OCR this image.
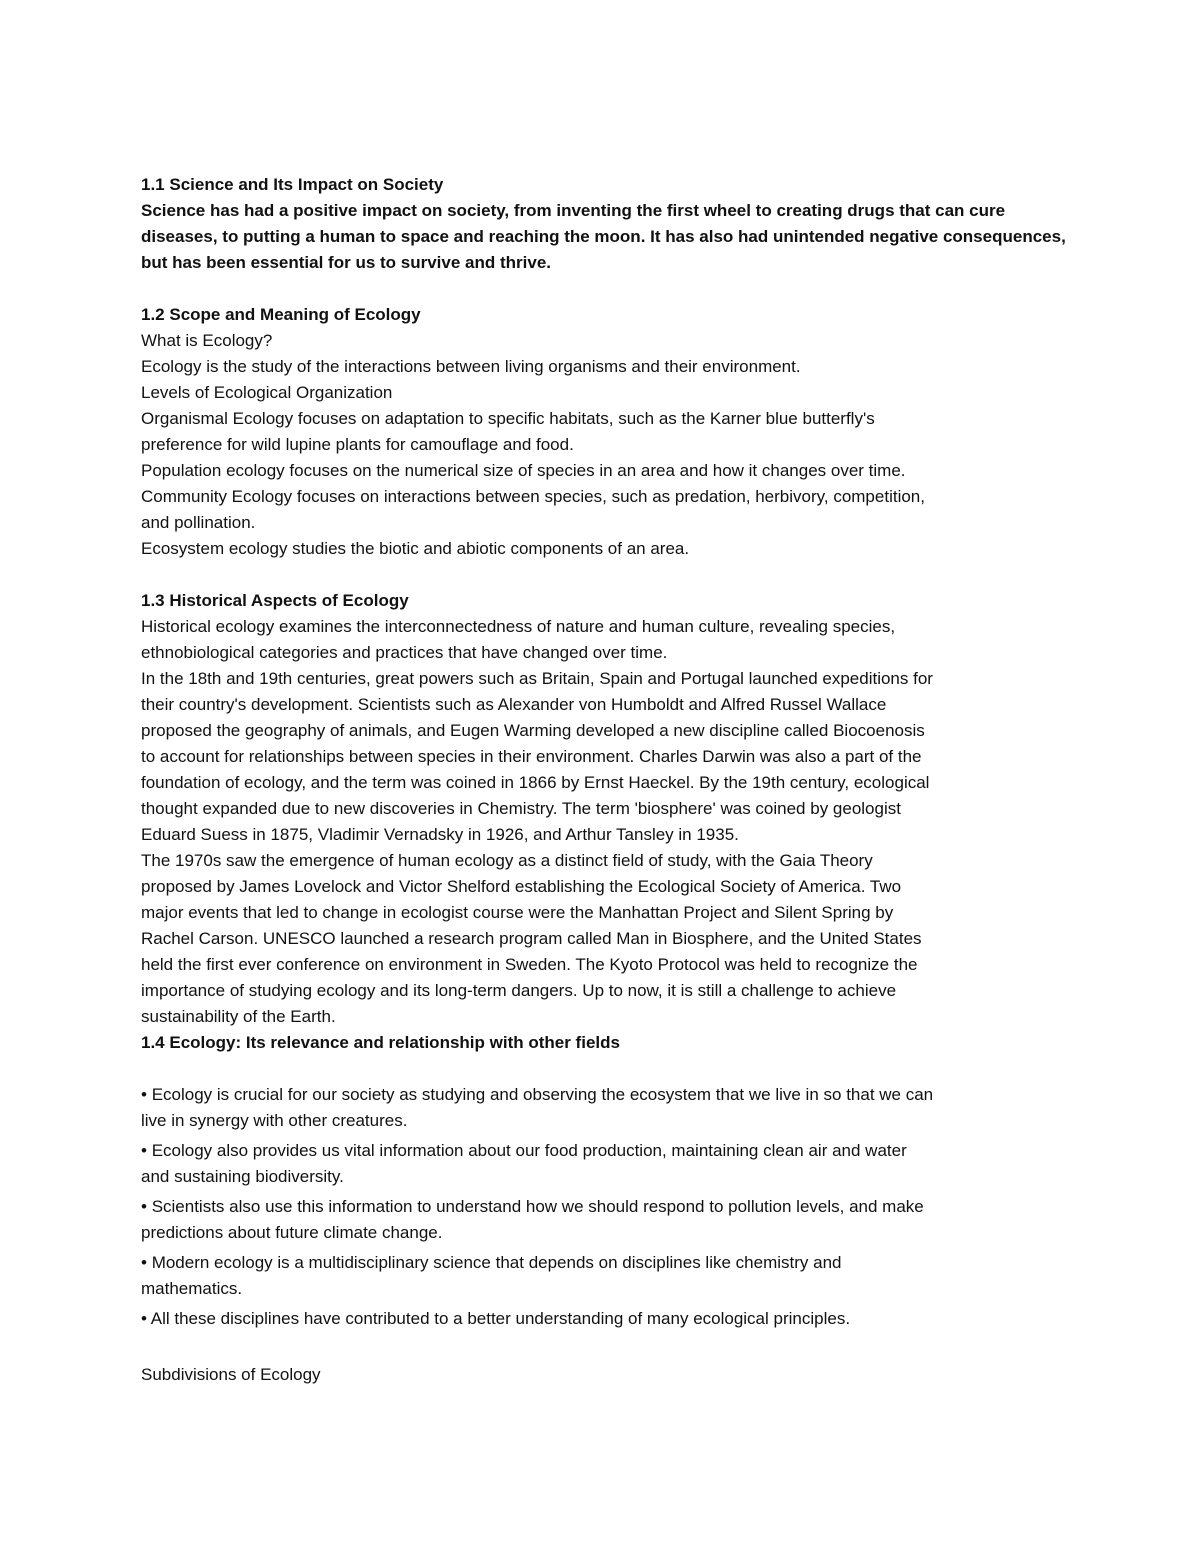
1.1 Science and Its Impact on Society

Science has had a positive impact on society, from inventing the first wheel to creating drugs that can cure

diseases, to putting a human to space and reaching the moon. It has also had unintended negative consequences,

but has been essential for us to survive and thrive.

1.2 Scope and Meaning of Ecology

What is Ecology?

Ecology is the study of the interactions between living organisms and their environment.

Levels of Ecological Organization

Organismal Ecology focuses on adaptation to specific habitats, such as the Karner blue butterfly's

preference for wild lupine plants for camouflage and food.

Population ecology focuses on the numerical size of species in an area and how it changes over time.

Community Ecology focuses on interactions between species, such as predation, herbivory, competition,

and pollination.

Ecosystem ecology studies the biotic and abiotic components of an area.

1.3 Historical Aspects of Ecology

Historical ecology examines the interconnectedness of nature and human culture, revealing species,

ethnobiological categories and practices that have changed over time.

In the 18th and 19th centuries, great powers such as Britain, Spain and Portugal launched expeditions for

their country's development. Scientists such as Alexander von Humboldt and Alfred Russel Wallace

proposed the geography of animals, and Eugen Warming developed a new discipline called Biocoenosis

to account for relationships between species in their environment. Charles Darwin was also a part of the

foundation of ecology, and the term was coined in 1866 by Ernst Haeckel. By the 19th century, ecological

thought expanded due to new discoveries in Chemistry. The term 'biosphere' was coined by geologist

Eduard Suess in 1875, Vladimir Vernadsky in 1926, and Arthur Tansley in 1935.

The 1970s saw the emergence of human ecology as a distinct field of study, with the Gaia Theory

proposed by James Lovelock and Victor Shelford establishing the Ecological Society of America. Two

major events that led to change in ecologist course were the Manhattan Project and Silent Spring by

Rachel Carson. UNESCO launched a research program called Man in Biosphere, and the United States

held the first ever conference on environment in Sweden. The Kyoto Protocol was held to recognize the

importance of studying ecology and its long-term dangers. Up to now, it is still a challenge to achieve

sustainability of the Earth.

1.4 Ecology: Its relevance and relationship with other fields

• Ecology is crucial for our society as studying and observing the ecosystem that we live in so that we can

live in synergy with other creatures.

• Ecology also provides us vital information about our food production, maintaining clean air and water

and sustaining biodiversity.

• Scientists also use this information to understand how we should respond to pollution levels, and make

predictions about future climate change.

• Modern ecology is a multidisciplinary science that depends on disciplines like chemistry and

mathematics.

• All these disciplines have contributed to a better understanding of many ecological principles.

Subdivisions of Ecology
